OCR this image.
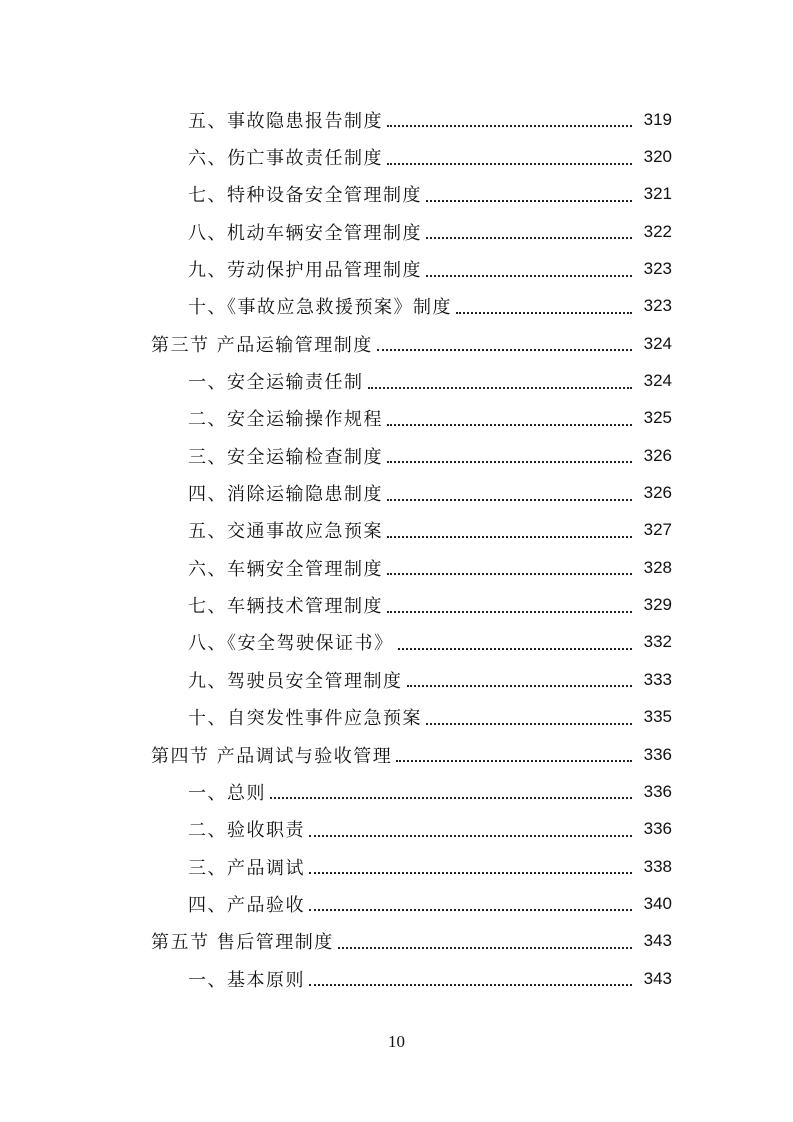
五、事故隐患报告制度	319
六、伤亡事故责任制度	320
七、特种设备安全管理制度	321
八、机动车辆安全管理制度	322
九、劳动保护用品管理制度	323
十、《事故应急救援预案》制度	323
第三节 产品运输管理制度	324
一、安全运输责任制	324
二、安全运输操作规程	325
三、安全运输检查制度	326
四、消除运输隐患制度	326
五、交通事故应急预案	327
六、车辆安全管理制度	328
七、车辆技术管理制度	329
八、《安全驾驶保证书》	332
九、驾驶员安全管理制度	333
十、自突发性事件应急预案	335
第四节 产品调试与验收管理	336
一、总则	336
二、验收职责	336
三、产品调试	338
四、产品验收	340
第五节 售后管理制度	343
一、基本原则	343
10
